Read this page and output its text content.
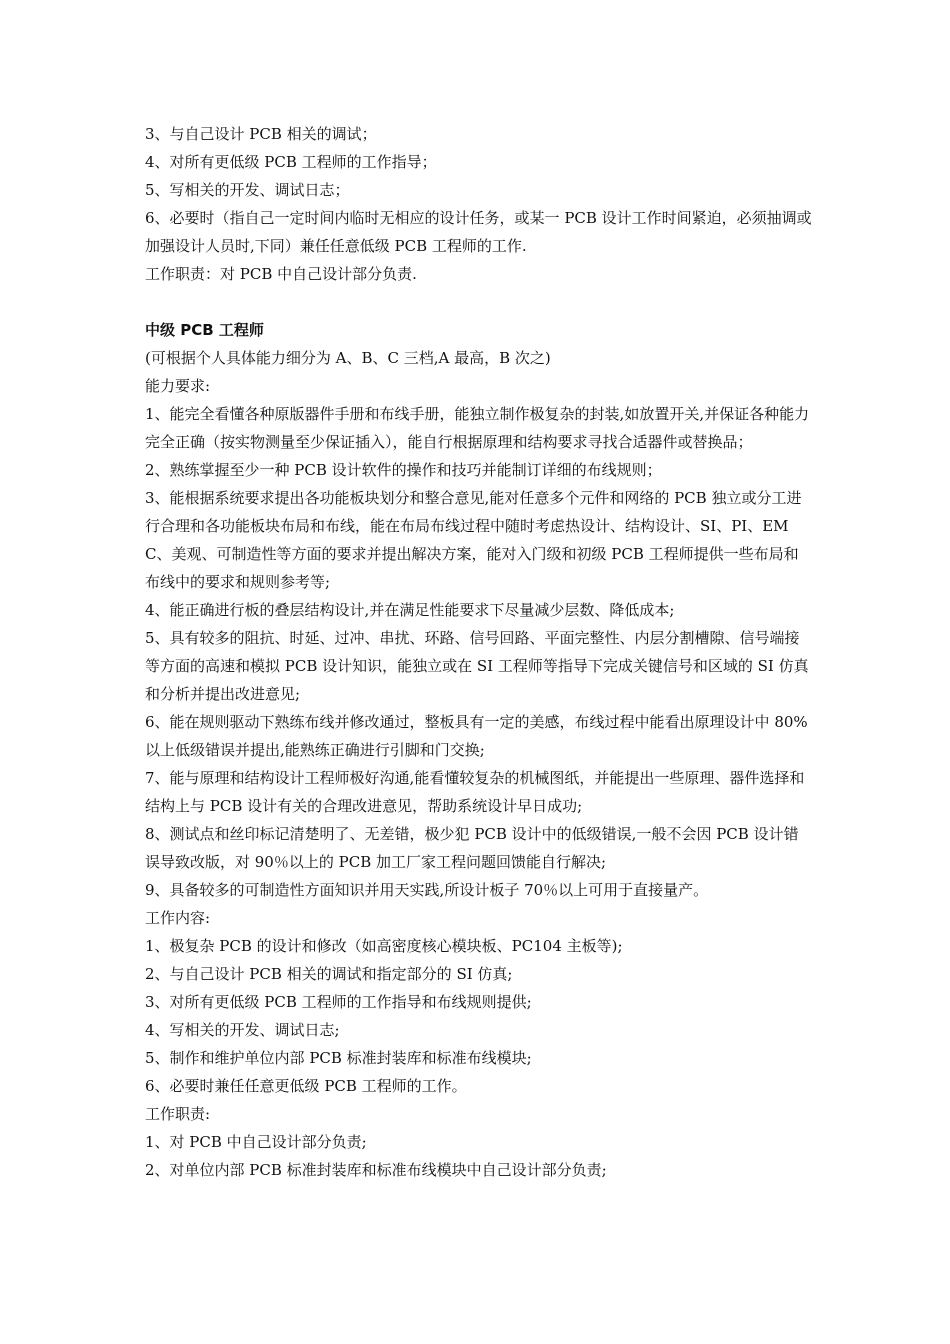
3、与自己设计 PCB 相关的调试；
4、对所有更低级 PCB 工程师的工作指导；
5、写相关的开发、调试日志；
6、必要时（指自己一定时间内临时无相应的设计任务，或某一 PCB 设计工作时间紧迫，必须抽调或加强设计人员时,下同）兼任任意低级 PCB 工程师的工作.
工作职责：对 PCB 中自己设计部分负责.
中级 PCB 工程师
(可根据个人具体能力细分为 A、B、C 三档,A 最高，B 次之)
能力要求:
1、能完全看懂各种原版器件手册和布线手册，能独立制作极复杂的封装,如放置开关,并保证各种能力完全正确（按实物测量至少保证插入），能自行根据原理和结构要求寻找合适器件或替换品；
2、熟练掌握至少一种 PCB 设计软件的操作和技巧并能制订详细的布线规则；
3、能根据系统要求提出各功能板块划分和整合意见,能对任意多个元件和网络的 PCB 独立或分工进行合理和各功能板块布局和布线，能在布局布线过程中随时考虑热设计、结构设计、SI、PI、EMC、美观、可制造性等方面的要求并提出解决方案，能对入门级和初级 PCB 工程师提供一些布局和布线中的要求和规则参考等;
4、能正确进行板的叠层结构设计,并在满足性能要求下尽量减少层数、降低成本;
5、具有较多的阻抗、时延、过冲、串扰、环路、信号回路、平面完整性、内层分割槽隙、信号端接等方面的高速和模拟 PCB 设计知识，能独立或在 SI 工程师等指导下完成关键信号和区域的 SI 仿真和分析并提出改进意见;
6、能在规则驱动下熟练布线并修改通过，整板具有一定的美感，布线过程中能看出原理设计中 80%以上低级错误并提出,能熟练正确进行引脚和门交换;
7、能与原理和结构设计工程师极好沟通,能看懂较复杂的机械图纸，并能提出一些原理、器件选择和结构上与 PCB 设计有关的合理改进意见，帮助系统设计早日成功;
8、测试点和丝印标记清楚明了、无差错，极少犯 PCB 设计中的低级错误,一般不会因 PCB 设计错误导致改版，对 90％以上的 PCB 加工厂家工程问题回馈能自行解决;
9、具备较多的可制造性方面知识并用天实践,所设计板子 70％以上可用于直接量产。
工作内容:
1、极复杂 PCB 的设计和修改（如高密度核心模块板、PC104 主板等);
2、与自己设计 PCB 相关的调试和指定部分的 SI 仿真;
3、对所有更低级 PCB 工程师的工作指导和布线规则提供;
4、写相关的开发、调试日志;
5、制作和维护单位内部 PCB 标准封装库和标准布线模块;
6、必要时兼任任意更低级 PCB 工程师的工作。
工作职责:
1、对 PCB 中自己设计部分负责;
2、对单位内部 PCB 标准封装库和标准布线模块中自己设计部分负责;
